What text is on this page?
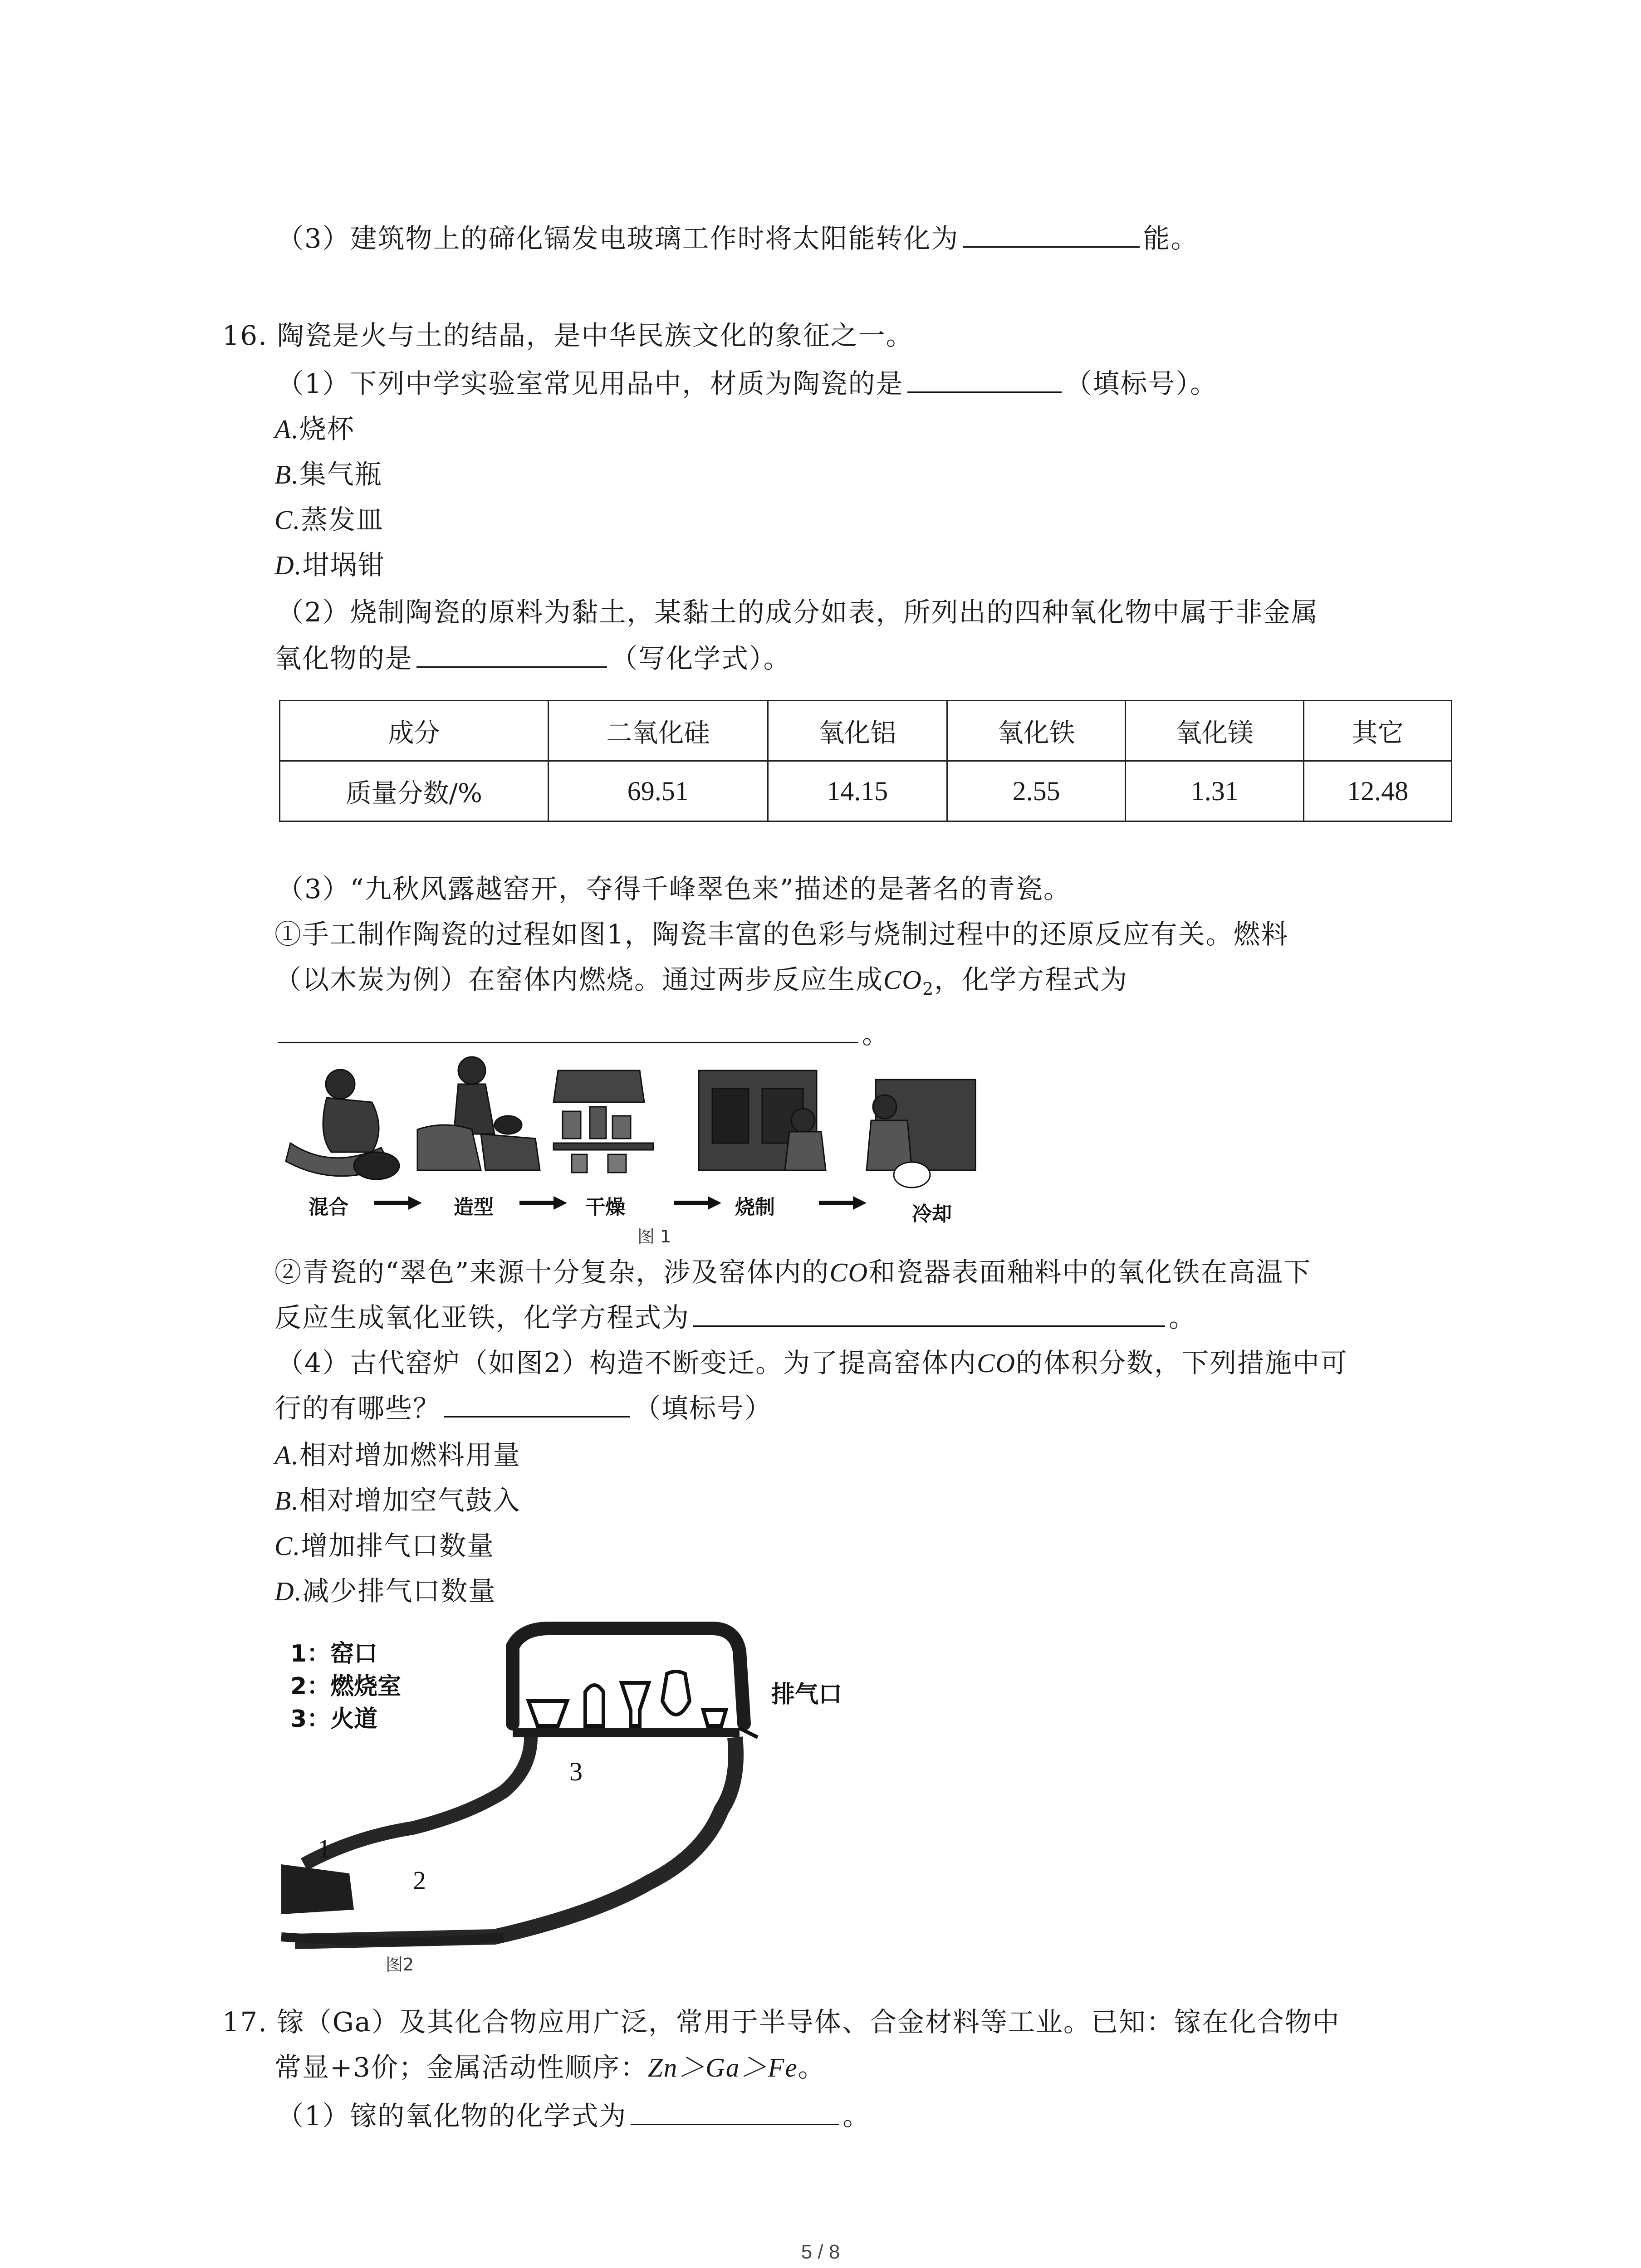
（3）建筑物上的碲化镉发电玻璃工作时将太阳能转化为	能。
16. 陶瓷是火与土的结晶，是中华民族文化的象征之一。
（1）下列中学实验室常见用品中，材质为陶瓷的是	（填标号）。
A.烧杯
B.集气瓶
C.蒸发皿
D.坩埚钳
（2）烧制陶瓷的原料为黏土，某黏土的成分如表，所列出的四种氧化物中属于非金属
氧化物的是	（写化学式）。
成分	二氧化硅	氧化铝	氧化铁	氧化镁	其它
质量分数/%	69.51	14.15	2.55	1.31	12.48
（3）“九秋风露越窑开，夺得千峰翠色来”描述的是著名的青瓷。
①手工制作陶瓷的过程如图1，陶瓷丰富的色彩与烧制过程中的还原反应有关。燃料
（以木炭为例）在窑体内燃烧。通过两步反应生成$CO_2$，化学方程式为
。
混合	造型	干燥	烧制	冷却
图 1
②青瓷的“翠色”来源十分复杂，涉及窑体内的CO和瓷器表面釉料中的氧化铁在高温下
反应生成氧化亚铁，化学方程式为	。
（4）古代窑炉（如图2）构造不断变迁。为了提高窑体内CO的体积分数，下列措施中可
行的有哪些？	（填标号）
A.相对增加燃料用量
B.相对增加空气鼓入
C.增加排气口数量
D.减少排气口数量
1：窑口
2：燃烧室
3：火道
排气口
1
2
3
图2
17. 镓（Ga）及其化合物应用广泛，常用于半导体、合金材料等工业。已知：镓在化合物中
常显+3价；金属活动性顺序：Zn＞Ga＞Fe。
（1）镓的氧化物的化学式为	。
5 / 8
